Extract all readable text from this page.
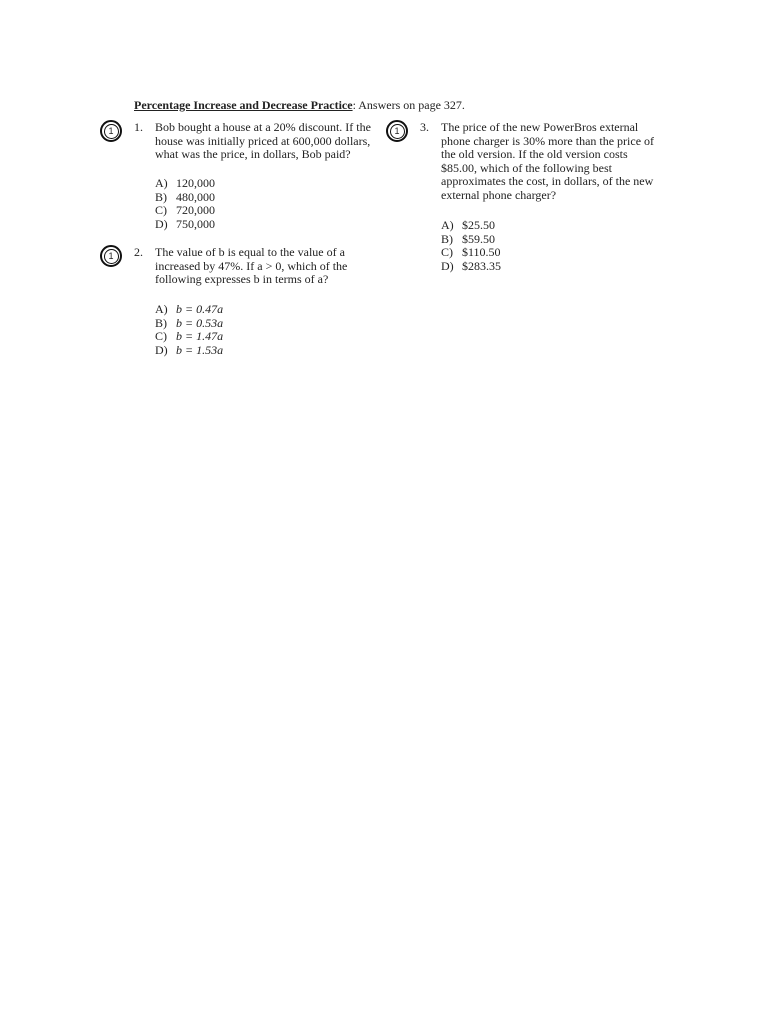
Percentage Increase and Decrease Practice: Answers on page 327.
1	1. Bob bought a house at a 20% discount. If the
house was initially priced at 600,000 dollars,
what was the price, in dollars, Bob paid?
A) 120,000
B) 480,000
C) 720,000
D) 750,000
1	2. The value of b is equal to the value of a
increased by 47%. If a > 0, which of the
following expresses b in terms of a?
A) b = 0.47a
B) b = 0.53a
C) b = 1.47a
D) b = 1.53a
1	3. The price of the new PowerBros external
phone charger is 30% more than the price of
the old version. If the old version costs
$85.00, which of the following best
approximates the cost, in dollars, of the new
external phone charger?
A) $25.50
B) $59.50
C) $110.50
D) $283.35
